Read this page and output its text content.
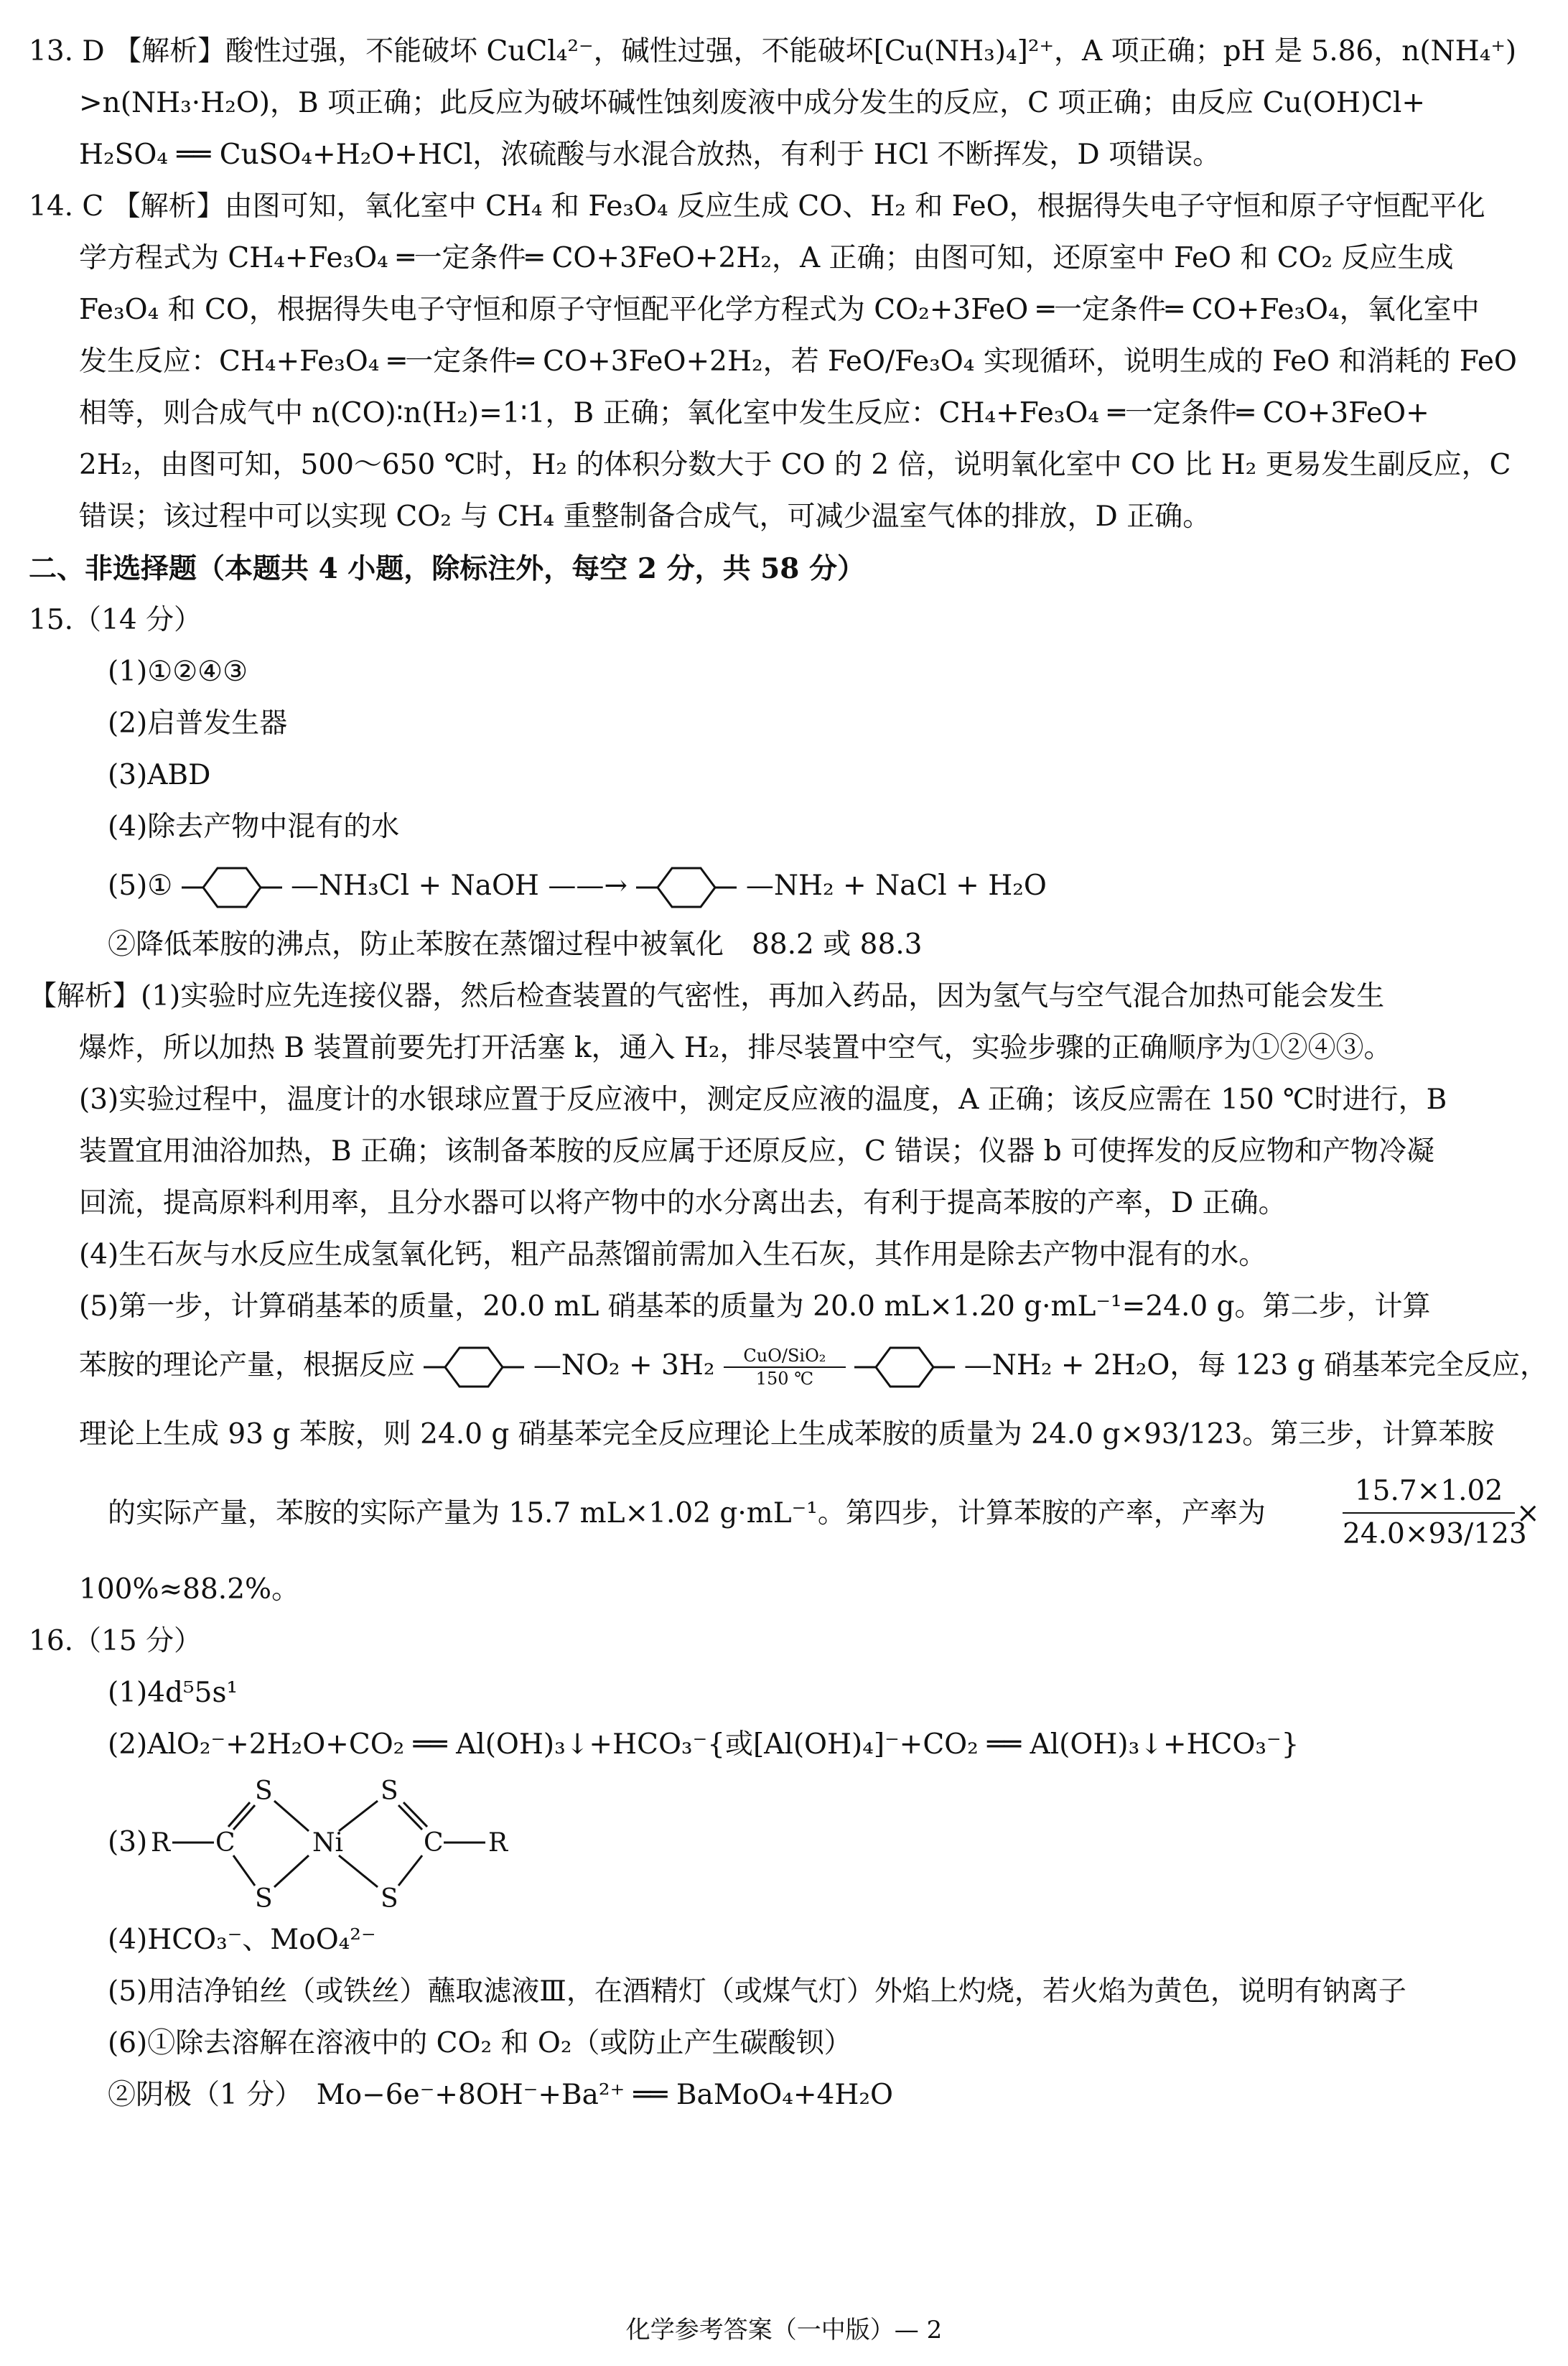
13. D 【解析】酸性过强，不能破坏 CuCl₄²⁻，碱性过强，不能破坏[Cu(NH₃)₄]²⁺，A 项正确；pH 是 5.86，n(NH₄⁺)
>n(NH₃·H₂O)，B 项正确；此反应为破坏碱性蚀刻废液中成分发生的反应，C 项正确；由反应 Cu(OH)Cl+
H₂SO₄ ══ CuSO₄+H₂O+HCl，浓硫酸与水混合放热，有利于 HCl 不断挥发，D 项错误。
14. C 【解析】由图可知，氧化室中 CH₄ 和 Fe₃O₄ 反应生成 CO、H₂ 和 FeO，根据得失电子守恒和原子守恒配平化
学方程式为 CH₄+Fe₃O₄ ═一定条件═ CO+3FeO+2H₂，A 正确；由图可知，还原室中 FeO 和 CO₂ 反应生成
Fe₃O₄ 和 CO，根据得失电子守恒和原子守恒配平化学方程式为 CO₂+3FeO ═一定条件═ CO+Fe₃O₄，氧化室中
发生反应：CH₄+Fe₃O₄ ═一定条件═ CO+3FeO+2H₂，若 FeO/Fe₃O₄ 实现循环，说明生成的 FeO 和消耗的 FeO
相等，则合成气中 n(CO)∶n(H₂)=1∶1，B 正确；氧化室中发生反应：CH₄+Fe₃O₄ ═一定条件═ CO+3FeO+
2H₂，由图可知，500～650 ℃时，H₂ 的体积分数大于 CO 的 2 倍，说明氧化室中 CO 比 H₂ 更易发生副反应，C
错误；该过程中可以实现 CO₂ 与 CH₄ 重整制备合成气，可减少温室气体的排放，D 正确。
二、非选择题（本题共 4 小题，除标注外，每空 2 分，共 58 分）
15.（14 分）
(1)①②④③
(2)启普发生器
(3)ABD
(4)除去产物中混有的水
(5)①	—NH₃Cl + NaOH ——→	—NH₂ + NaCl + H₂O
②降低苯胺的沸点，防止苯胺在蒸馏过程中被氧化　88.2 或 88.3
【解析】(1)实验时应先连接仪器，然后检查装置的气密性，再加入药品，因为氢气与空气混合加热可能会发生
爆炸，所以加热 B 装置前要先打开活塞 k，通入 H₂，排尽装置中空气，实验步骤的正确顺序为①②④③。
(3)实验过程中，温度计的水银球应置于反应液中，测定反应液的温度，A 正确；该反应需在 150 ℃时进行，B
装置宜用油浴加热，B 正确；该制备苯胺的反应属于还原反应，C 错误；仪器 b 可使挥发的反应物和产物冷凝
回流，提高原料利用率，且分水器可以将产物中的水分离出去，有利于提高苯胺的产率，D 正确。
(4)生石灰与水反应生成氢氧化钙，粗产品蒸馏前需加入生石灰，其作用是除去产物中混有的水。
(5)第一步，计算硝基苯的质量，20.0 mL 硝基苯的质量为 20.0 mL×1.20 g·mL⁻¹=24.0 g。第二步，计算
苯胺的理论产量，根据反应	—NO₂ + 3H₂	CuO/SiO₂
150 ℃	—NH₂ + 2H₂O，每 123 g 硝基苯完全反应，
理论上生成 93 g 苯胺，则 24.0 g 硝基苯完全反应理论上生成苯胺的质量为 24.0 g×93/123。第三步，计算苯胺
的实际产量，苯胺的实际产量为 15.7 mL×1.02 g·mL⁻¹。第四步，计算苯胺的产率，产率为	$\frac{15.7\times 1.02}{24.0\times 93/123}$ ×
100%≈88.2%。
16.（15 分）
(1)4d⁵5s¹
(2)AlO₂⁻+2H₂O+CO₂ ══ Al(OH)₃↓+HCO₃⁻{或[Al(OH)₄]⁻+CO₂ ══ Al(OH)₃↓+HCO₃⁻}
(3) R C
S
S
Ni
S
S
C R
(4)HCO₃⁻、MoO₄²⁻
(5)用洁净铂丝（或铁丝）蘸取滤液Ⅲ，在酒精灯（或煤气灯）外焰上灼烧，若火焰为黄色，说明有钠离子
(6)①除去溶解在溶液中的 CO₂ 和 O₂（或防止产生碳酸钡）
②阴极（1 分）　Mo−6e⁻+8OH⁻+Ba²⁺ ══ BaMoO₄+4H₂O
化学参考答案（一中版）— 2
